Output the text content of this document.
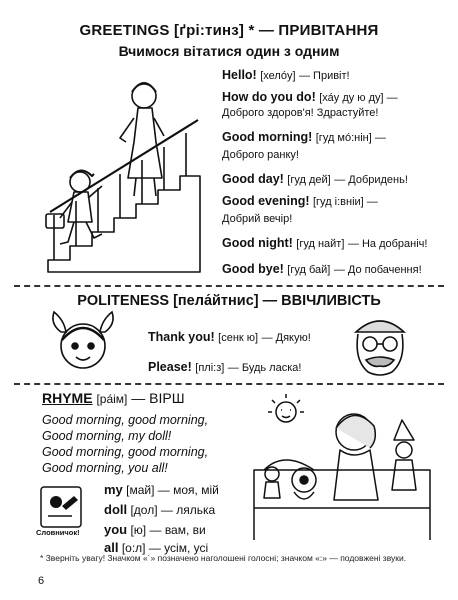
GREETINGS [ґрі:тинз] * — ПРИВІТАННЯ
Вчимося вітатися один з одним
Hello! [хелóу] — Привіт!
How do you do! [ха́у ду ю ду] —
Доброго здоров'я! Здрастуйте!
Good morning! [гуд мó:нін] —
Доброго ранку!
Good day! [гуд дей] — Добридень!
Good evening! [гуд і:вніи] —
Добрий вечір!
Good night! [гуд найт] — На добраніч!
Good bye! [гуд бай] — До побачення!
POLITENESS [пела́йтнис] — ВВІЧЛИВІСТЬ
Thank you! [сенк ю] — Дякую!
Please! [плі:з] — Будь ласка!
RHYME [ра́ім] — ВІРШ
Good morning, good morning,
Good morning, my doll!
Good morning, good morning,
Good morning, you all!
Словничок!
my [май] — моя, мій
doll [дол] — лялька
you [ю] — вам, ви
all [о:л] — усім, усі
* Зверніть увагу! Значком «´» позначено наголошені голосні; значком «:» — подовжені звуки.
6
